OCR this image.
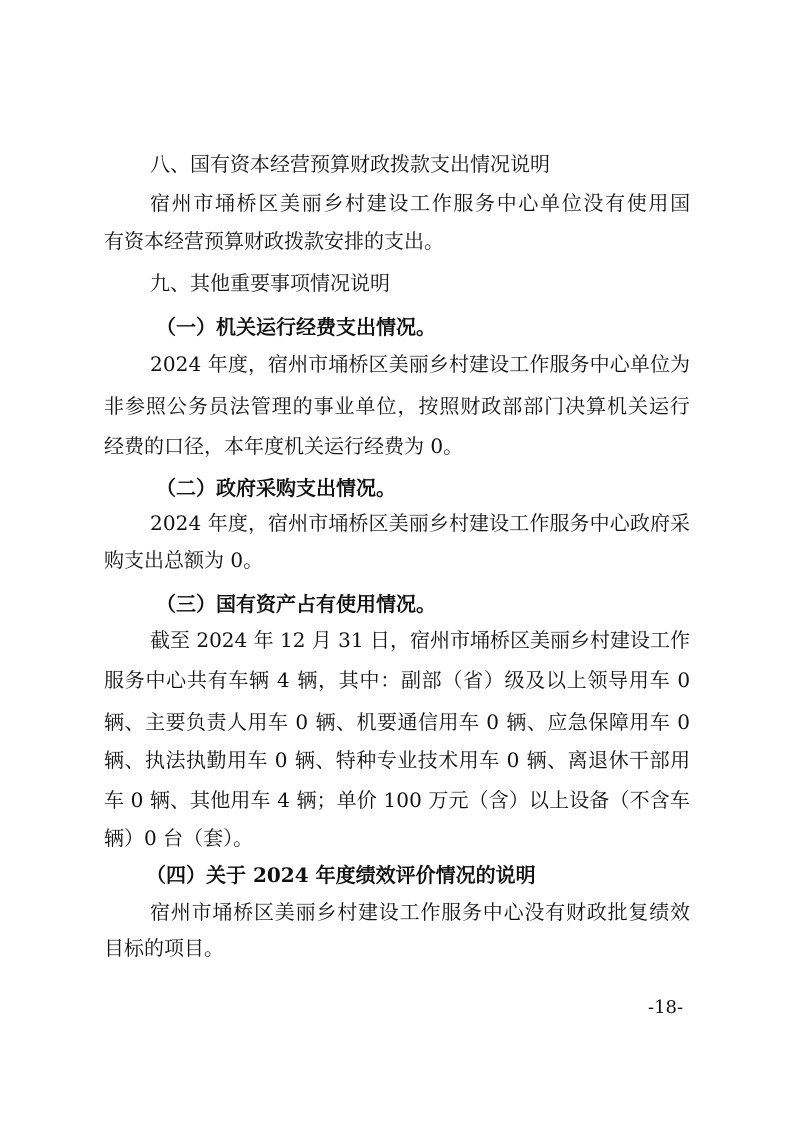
八、国有资本经营预算财政拨款支出情况说明
宿州市埇桥区美丽乡村建设工作服务中心单位没有使用国
有资本经营预算财政拨款安排的支出。
九、其他重要事项情况说明
（一）机关运行经费支出情况。
2024 年度，宿州市埇桥区美丽乡村建设工作服务中心单位为
非参照公务员法管理的事业单位，按照财政部部门决算机关运行
经费的口径，本年度机关运行经费为 0。
（二）政府采购支出情况。
2024 年度，宿州市埇桥区美丽乡村建设工作服务中心政府采
购支出总额为 0。
（三）国有资产占有使用情况。
截至 2024 年 12 月 31 日，宿州市埇桥区美丽乡村建设工作
服务中心共有车辆 4 辆，其中：副部（省）级及以上领导用车 0
辆、主要负责人用车 0 辆、机要通信用车 0 辆、应急保障用车 0
辆、执法执勤用车 0 辆、特种专业技术用车 0 辆、离退休干部用
车 0 辆、其他用车 4 辆；单价 100 万元（含）以上设备（不含车
辆）0 台（套）。
（四）关于 2024 年度绩效评价情况的说明
宿州市埇桥区美丽乡村建设工作服务中心没有财政批复绩效
目标的项目。
-18-
